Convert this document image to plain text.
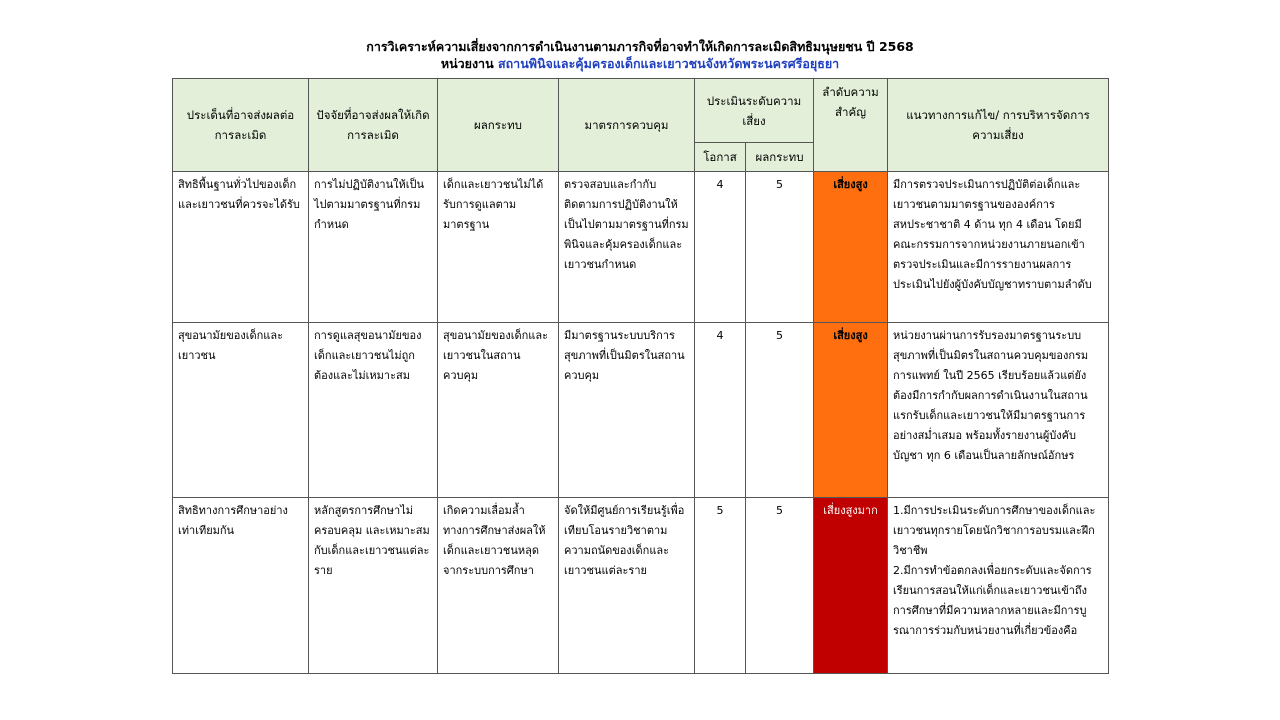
การวิเคราะห์ความเสี่ยงจากการดำเนินงานตามภารกิจที่อาจทำให้เกิดการละเมิดสิทธิมนุษยชน ปี 2568
หน่วยงาน สถานพินิจและคุ้มครองเด็กและเยาวชนจังหวัดพระนครศรีอยุธยา
ประเด็นที่อาจส่งผลต่อการละเมิด	ปัจจัยที่อาจส่งผลให้เกิดการละเมิด	ผลกระทบ	มาตรการควบคุม	ประเมินระดับความเสี่ยง		ลำดับความสำคัญ	แนวทางการแก้ไข/ การบริหารจัดการความเสี่ยง
				โอกาส	ผลกระทบ		
สิทธิพื้นฐานทั่วไปของเด็กและเยาวชนที่ควรจะได้รับ	การไม่ปฏิบัติงานให้เป็นไปตามมาตรฐานที่กรมกำหนด	เด็กและเยาวชนไม่ได้รับการดูแลตามมาตรฐาน	ตรวจสอบและกำกับติดตามการปฏิบัติงานให้เป็นไปตามมาตรฐานที่กรมพินิจและคุ้มครองเด็กและเยาวชนกำหนด	4	5	เสี่ยงสูง	มีการตรวจประเมินการปฏิบัติต่อเด็กและเยาวชนตามมาตรฐานขององค์การสหประชาชาติ 4 ด้าน ทุก 4 เดือน โดยมีคณะกรรมการจากหน่วยงานภายนอกเข้าตรวจประเมินและมีการรายงานผลการประเมินไปยังผู้บังคับบัญชาทราบตามลำดับ
สุขอนามัยของเด็กและเยาวชน	การดูแลสุขอนามัยของเด็กและเยาวชนไม่ถูกต้องและไม่เหมาะสม	สุขอนามัยของเด็กและเยาวชนในสถานควบคุม	มีมาตรฐานระบบบริการสุขภาพที่เป็นมิตรในสถานควบคุม	4	5	เสี่ยงสูง	หน่วยงานผ่านการรับรองมาตรฐานระบบสุขภาพที่เป็นมิตรในสถานควบคุมของกรมการแพทย์ ในปี 2565 เรียบร้อยแล้วแต่ยังต้องมีการกำกับผลการดำเนินงานในสถานแรกรับเด็กและเยาวชนให้มีมาตรฐานการอย่างสม่ำเสมอ พร้อมทั้งรายงานผู้บังคับบัญชา ทุก 6 เดือนเป็นลายลักษณ์อักษร
สิทธิทางการศึกษาอย่างเท่าเทียมกัน	หลักสูตรการศึกษาไม่ครอบคลุม และเหมาะสมกับเด็กและเยาวชนแต่ละราย	เกิดความเลื่อมล้ำทางการศึกษาส่งผลให้เด็กและเยาวชนหลุดจากระบบการศึกษา	จัดให้มีศูนย์การเรียนรู้เพื่อเทียบโอนรายวิชาตามความถนัดของเด็กและเยาวชนแต่ละราย	5	5	เสี่ยงสูงมาก	1.มีการประเมินระดับการศึกษาของเด็กและเยาวชนทุกรายโดยนักวิชาการอบรมและฝึกวิชาชีพ
2.มีการทำข้อตกลงเพื่อยกระดับและจัดการเรียนการสอนให้แก่เด็กและเยาวชนเข้าถึงการศึกษาที่มีความหลากหลายและมีการบูรณาการร่วมกับหน่วยงานที่เกี่ยวข้องคือ
